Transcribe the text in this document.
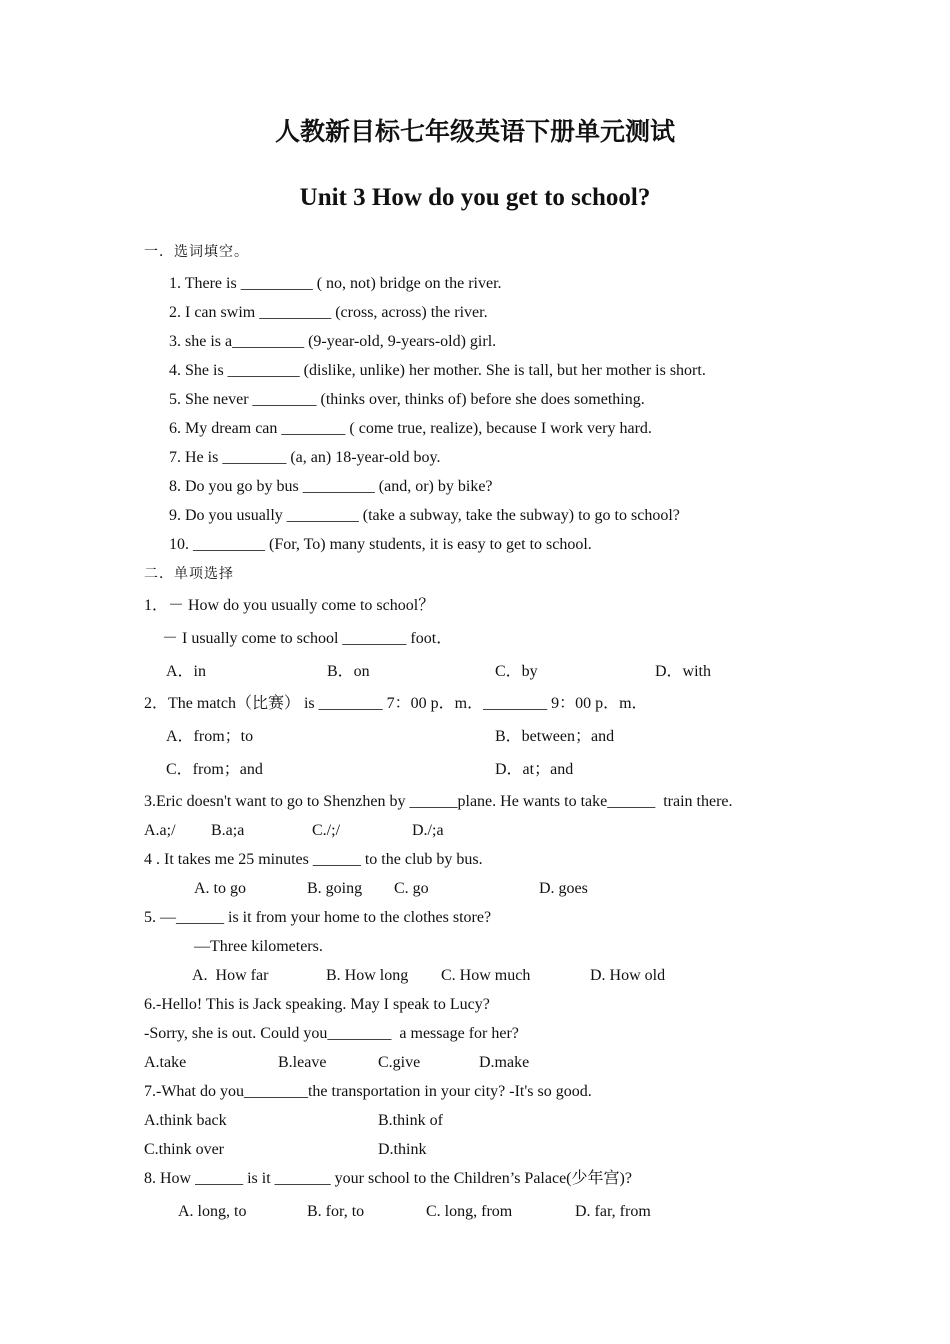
人教新目标七年级英语下册单元测试
Unit 3 How do you get to school?
一．选词填空。
1. There is _________ ( no, not) bridge on the river.
2. I can swim _________ (cross, across) the river.
3. she is a_________ (9-year-old, 9-years-old) girl.
4. She is _________ (dislike, unlike) her mother. She is tall, but her mother is short.
5. She never ________ (thinks over, thinks of) before she does something.
6. My dream can ________ ( come true, realize), because I work very hard.
7. He is ________ (a, an) 18-year-old boy.
8. Do you go by bus _________ (and, or) by bike?
9. Do you usually _________ (take a subway, take the subway) to go to school?
10. _________ (For, To) many students, it is easy to get to school.
二．单项选择
1．－ How do you usually come to school？
－ I usually come to school ________ foot．
A．in	B．on	C．by	D．with
2．The match（比赛） is ________ 7：00 p．m．________ 9：00 p．m．
A．from；to	B．between；and
C．from；and	D．at；and
3.Eric doesn't want to go to Shenzhen by ______plane. He wants to take______  train there.
A.a;/ B.a;a	C./;/	D./;a
4 . It takes me 25 minutes ______ to the club by bus.
A. to go	B. going C. go	D. goes
5. —______ is it from your home to the clothes store?
—Three kilometers.
A.  How far	B. How long C. How much	D. How old
6.-Hello! This is Jack speaking. May I speak to Lucy?
-Sorry, she is out. Could you________  a message for her?
A.take	B.leave	C.give	D.make
7.-What do you________the transportation in your city? -It's so good.
A.think back	B.think of
C.think over	D.think
8. How ______ is it _______ your school to the Children’s Palace(少年宫)?
A. long, to	B. for, to	C. long, from	D. far, from
